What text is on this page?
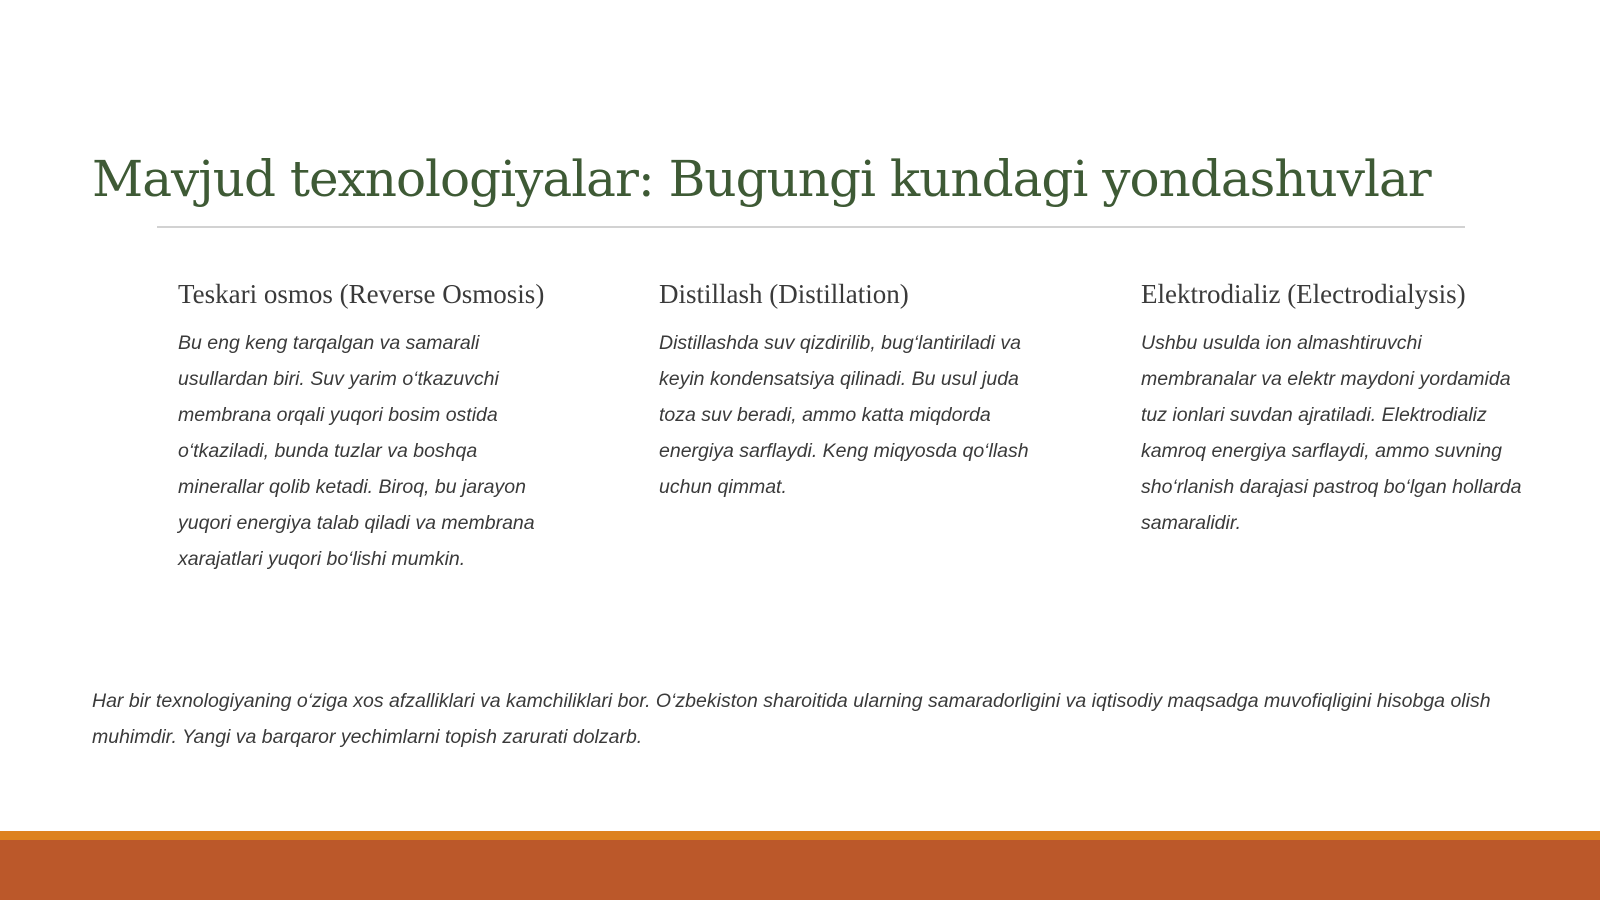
Mavjud texnologiyalar: Bugungi kundagi yondashuvlar
Teskari osmos (Reverse Osmosis)

Bu eng keng tarqalgan va samarali usullardan biri. Suv yarim o‘tkazuvchi membrana orqali yuqori bosim ostida o‘tkaziladi, bunda tuzlar va boshqa minerallar qolib ketadi. Biroq, bu jarayon yuqori energiya talab qiladi va membrana xarajatlari yuqori bo‘lishi mumkin.

Distillash (Distillation)

Distillashda suv qizdirilib, bug‘lantiriladi va keyin kondensatsiya qilinadi. Bu usul juda toza suv beradi, ammo katta miqdorda energiya sarflaydi. Keng miqyosda qo‘llash uchun qimmat.

Elektrodializ (Electrodialysis)

Ushbu usulda ion almashtiruvchi membranalar va elektr maydoni yordamida tuz ionlari suvdan ajratiladi. Elektrodializ kamroq energiya sarflaydi, ammo suvning sho‘rlanish darajasi pastroq bo‘lgan hollarda samaralidir.

Har bir texnologiyaning o‘ziga xos afzalliklari va kamchiliklari bor. O‘zbekiston sharoitida ularning samaradorligini va iqtisodiy maqsadga muvofiqligini hisobga olish muhimdir. Yangi va barqaror yechimlarni topish zarurati dolzarb.
